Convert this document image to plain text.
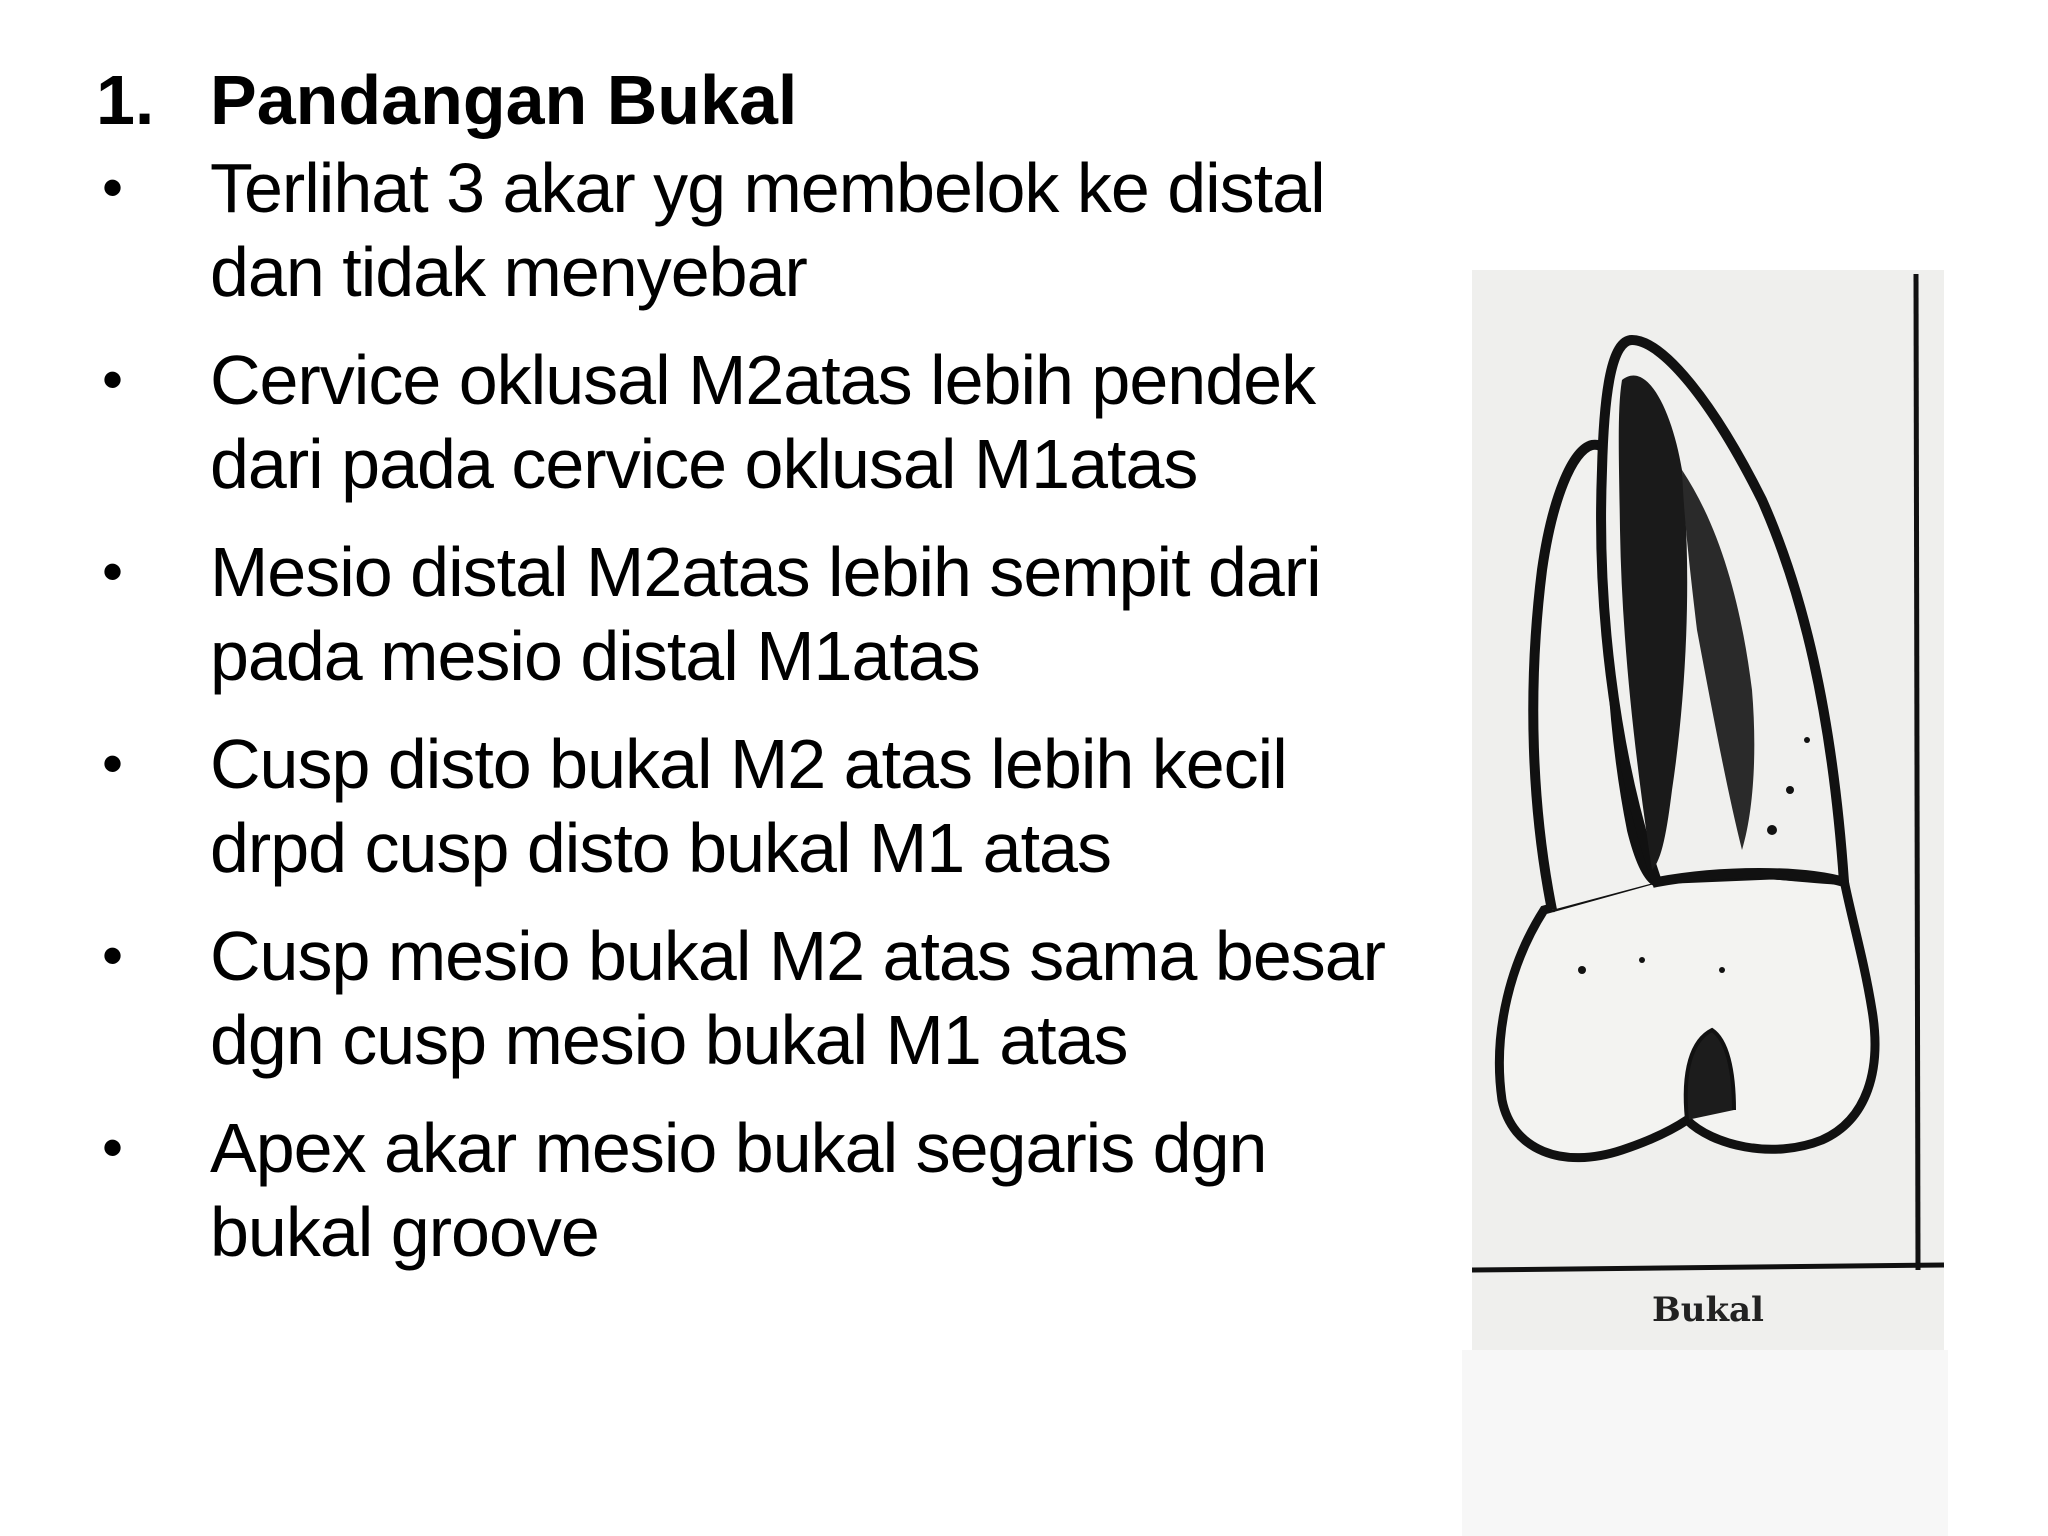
1. Pandangan Bukal
•	Terlihat 3 akar yg membelok ke distal
dan tidak menyebar
•	Cervice oklusal M2atas lebih pendek
dari pada cervice oklusal M1atas
•	Mesio distal M2atas lebih sempit dari
pada mesio distal M1atas
•	Cusp disto bukal M2 atas lebih kecil
drpd cusp disto bukal M1 atas
•	Cusp mesio bukal M2 atas sama besar
dgn cusp mesio bukal M1 atas
•	Apex akar mesio bukal segaris dgn
bukal groove
Bukal
